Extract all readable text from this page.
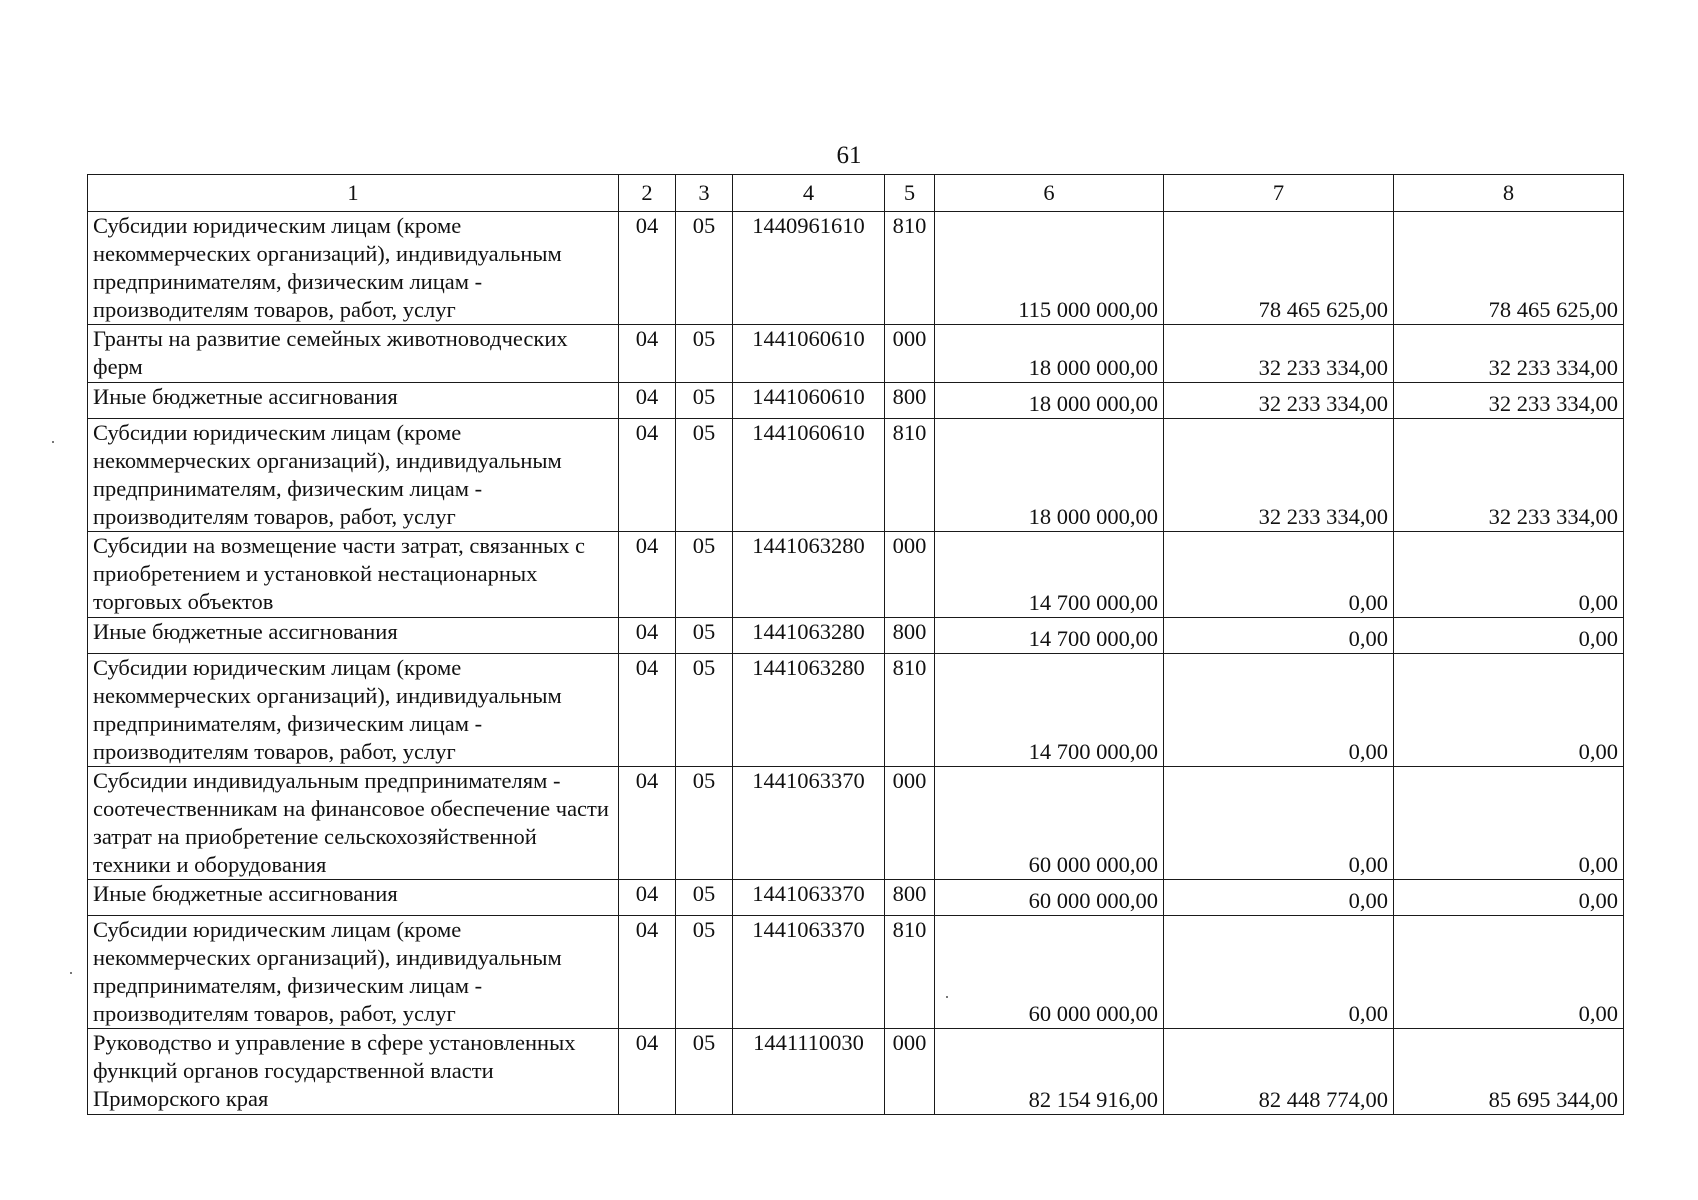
61
1	2	3	4	5	6	7	8
Субсидии юридическим лицам (кроме некоммерческих организаций), индивидуальным предпринимателям, физическим лицам - производителям товаров, работ, услуг	04	05	1440961610	810	115 000 000,00	78 465 625,00	78 465 625,00

Гранты на развитие семейных животноводческих ферм	04	05	1441060610	000	18 000 000,00	32 233 334,00	32 233 334,00

Иные бюджетные ассигнования	04	05	1441060610	800	18 000 000,00	32 233 334,00	32 233 334,00

Субсидии юридическим лицам (кроме некоммерческих организаций), индивидуальным предпринимателям, физическим лицам - производителям товаров, работ, услуг	04	05	1441060610	810	18 000 000,00	32 233 334,00	32 233 334,00

Субсидии на возмещение части затрат, связанных с приобретением и установкой нестационарных торговых объектов	04	05	1441063280	000	14 700 000,00	0,00	0,00

Иные бюджетные ассигнования	04	05	1441063280	800	14 700 000,00	0,00	0,00

Субсидии юридическим лицам (кроме некоммерческих организаций), индивидуальным предпринимателям, физическим лицам - производителям товаров, работ, услуг	04	05	1441063280	810	14 700 000,00	0,00	0,00

Субсидии индивидуальным предпринимателям - соотечественникам на финансовое обеспечение части затрат на приобретение сельскохозяйственной техники и оборудования	04	05	1441063370	000	60 000 000,00	0,00	0,00

Иные бюджетные ассигнования	04	05	1441063370	800	60 000 000,00	0,00	0,00

Субсидии юридическим лицам (кроме некоммерческих организаций), индивидуальным предпринимателям, физическим лицам - производителям товаров, работ, услуг	04	05	1441063370	810	60 000 000,00	0,00	0,00

Руководство и управление в сфере установленных функций органов государственной власти Приморского края	04	05	1441110030	000	82 154 916,00	82 448 774,00	85 695 344,00
